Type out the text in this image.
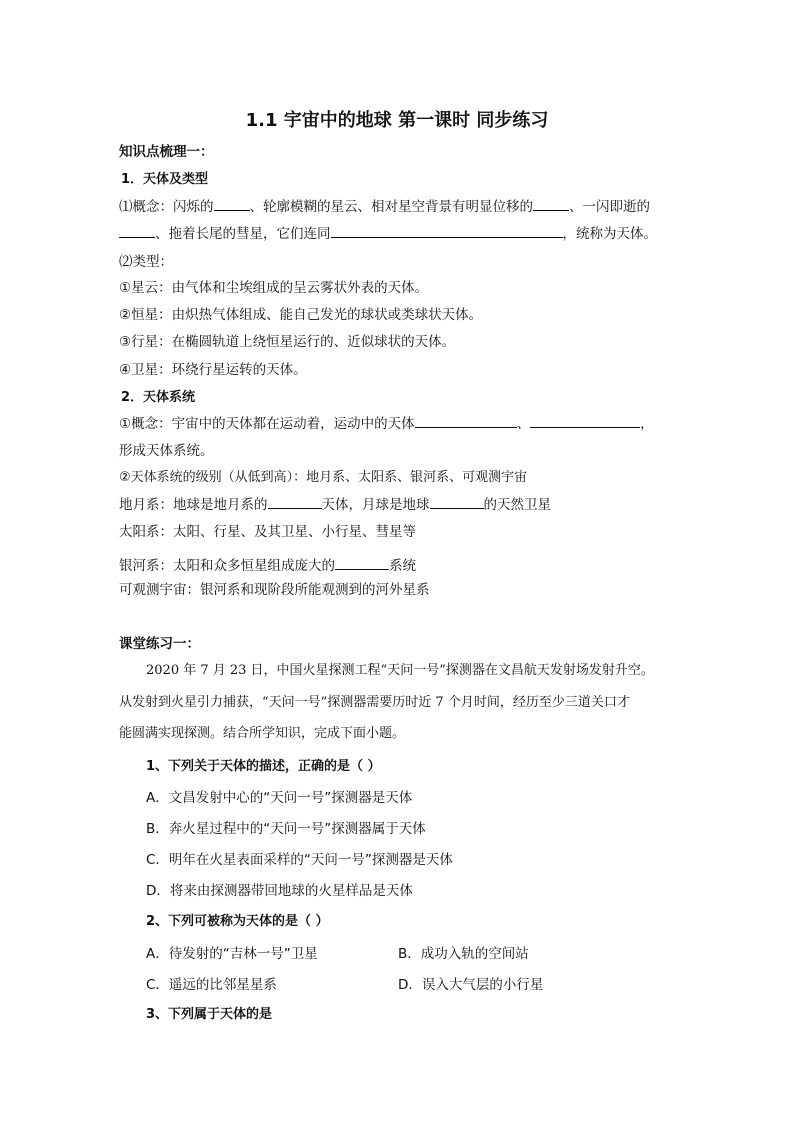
1.1 宇宙中的地球 第一课时 同步练习
知识点梳理一：
1．天体及类型
⑴概念：闪烁的	、轮廓模糊的星云、相对星空背景有明显位移的	、一闪即逝的
、拖着长尾的彗星，它们连同	，统称为天体。
⑵类型：
①星云：由气体和尘埃组成的呈云雾状外表的天体。
②恒星：由炽热气体组成、能自己发光的球状或类球状天体。
③行星：在椭圆轨道上绕恒星运行的、近似球状的天体。
④卫星：环绕行星运转的天体。
2．天体系统
①概念：宇宙中的天体都在运动着，运动中的天体	、	，
形成天体系统。
②天体系统的级别（从低到高）：地月系、太阳系、银河系、可观测宇宙
地月系：地球是地月系的	天体，月球是地球	的天然卫星
太阳系：太阳、行星、及其卫星、小行星、彗星等
银河系：太阳和众多恒星组成庞大的	系统
可观测宇宙：银河系和现阶段所能观测到的河外星系
课堂练习一：
2020 年 7 月 23 日，中国火星探测工程“天问一号”探测器在文昌航天发射场发射升空。
从发射到火星引力捕获，“天问一号”探测器需要历时近 7 个月时间，经历至少三道关口才
能圆满实现探测。结合所学知识，完成下面小题。
1、下列关于天体的描述，正确的是（ ）
A．文昌发射中心的“天问一号”探测器是天体
B．奔火星过程中的“天问一号”探测器属于天体
C．明年在火星表面采样的“天问一号”探测器是天体
D．将来由探测器带回地球的火星样品是天体
2、下列可被称为天体的是（ ）
A．待发射的“吉林一号”卫星	B．成功入轨的空间站
C．遥远的比邻星星系	D．误入大气层的小行星
3、下列属于天体的是
